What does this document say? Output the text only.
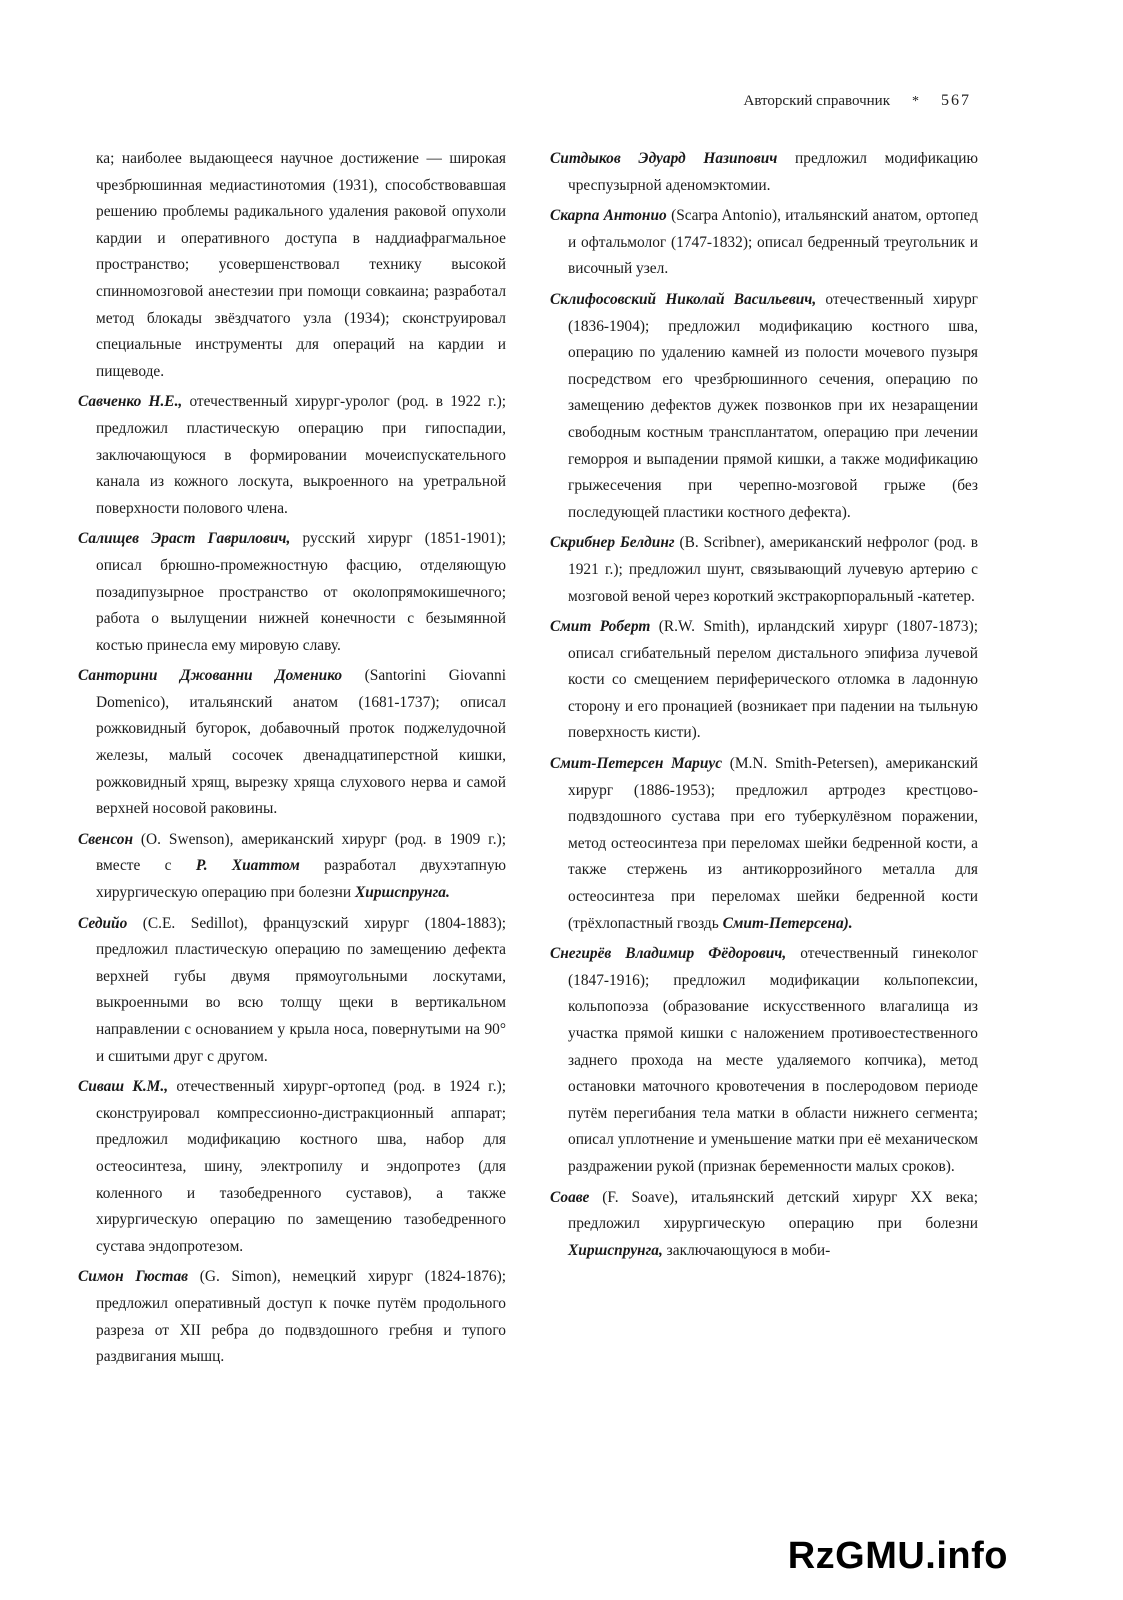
Авторский справочник * 567

ка; наиболее выдающееся научное достижение — широкая чрезбрюшинная медиастинотомия (1931), способствовавшая решению проблемы радикального удаления раковой опухоли кардии и оперативного доступа в наддиафрагмальное пространство; усовершенствовал технику высокой спинномозговой анестезии при помощи совкаина; разработал метод блокады звёздчатого узла (1934); сконструировал специальные инструменты для операций на кардии и пищеводе.

Савченко Н.Е., отечественный хирург-уролог (род. в 1922 г.); предложил пластическую операцию при гипоспадии, заключающуюся в формировании мочеиспускательного канала из кожного лоскута, выкроенного на уретральной поверхности полового члена.

Салищев Эраст Гаврилович, русский хирург (1851-1901); описал брюшно-промежностную фасцию, отделяющую позадипузырное пространство от околопрямокишечного; работа о вылущении нижней конечности с безымянной костью принесла ему мировую славу.

Санторини Джованни Доменико (Santorini Giovanni Domenico), итальянский анатом (1681-1737); описал рожковидный бугорок, добавочный проток поджелудочной железы, малый сосочек двенадцатиперстной кишки, рожковидный хрящ, вырезку хряща слухового нерва и самой верхней носовой раковины.

Свенсон (O. Swenson), американский хирург (род. в 1909 г.); вместе с Р. Хиаттом разработал двухэтапную хирургическую операцию при болезни Хиршспрунга.

Седийо (C.E. Sedillot), французский хирург (1804-1883); предложил пластическую операцию по замещению дефекта верхней губы двумя прямоугольными лоскутами, выкроенными во всю толщу щеки в вертикальном направлении с основанием у крыла носа, повернутыми на 90° и сшитыми друг с другом.

Сиваш К.М., отечественный хирург-ортопед (род. в 1924 г.); сконструировал компрессионно-дистракционный аппарат; предложил модификацию костного шва, набор для остеосинтеза, шину, электропилу и эндопротез (для коленного и тазобедренного суставов), а также хирургическую операцию по замещению тазобедренного сустава эндопротезом.

Симон Гюстав (G. Simon), немецкий хирург (1824-1876); предложил оперативный доступ к почке путём продольного разреза от XII ребра до подвздошного гребня и тупого раздвигания мышц.

Ситдыков Эдуард Назипович предложил модификацию чреспузырной аденомэктомии.

Скарпа Антонио (Scarpa Antonio), итальянский анатом, ортопед и офтальмолог (1747-1832); описал бедренный треугольник и височный узел.

Склифосовский Николай Васильевич, отечественный хирург (1836-1904); предложил модификацию костного шва, операцию по удалению камней из полости мочевого пузыря посредством его чрезбрюшинного сечения, операцию по замещению дефектов дужек позвонков при их незаращении свободным костным трансплантатом, операцию при лечении геморроя и выпадении прямой кишки, а также модификацию грыжесечения при черепно-мозговой грыже (без последующей пластики костного дефекта).

Скрибнер Белдинг (B. Scribner), американский нефролог (род. в 1921 г.); предложил шунт, связывающий лучевую артерию с мозговой веной через короткий экстракорпоральный -катетер.

Смит Роберт (R.W. Smith), ирландский хирург (1807-1873); описал сгибательный перелом дистального эпифиза лучевой кости со смещением периферического отломка в ладонную сторону и его пронацией (возникает при падении на тыльную поверхность кисти).

Смит-Петерсен Мариус (M.N. Smith-Petersen), американский хирург (1886-1953); предложил артродез крестцово-подвздошного сустава при его туберкулёзном поражении, метод остеосинтеза при переломах шейки бедренной кости, а также стержень из антикоррозийного металла для остеосинтеза при переломах шейки бедренной кости (трёхлопастный гвоздь Смит-Петерсена).

Снегирёв Владимир Фёдорович, отечественный гинеколог (1847-1916); предложил модификации кольпопексии, кольпопоэза (образование искусственного влагалища из участка прямой кишки с наложением противоестественного заднего прохода на месте удаляемого копчика), метод остановки маточного кровотечения в послеродовом периоде путём перегибания тела матки в области нижнего сегмента; описал уплотнение и уменьшение матки при её механическом раздражении рукой (признак беременности малых сроков).

Соаве (F. Soave), итальянский детский хирург XX века; предложил хирургическую операцию при болезни Хиршспрунга, заключающуюся в моби-

RzGMU.info
